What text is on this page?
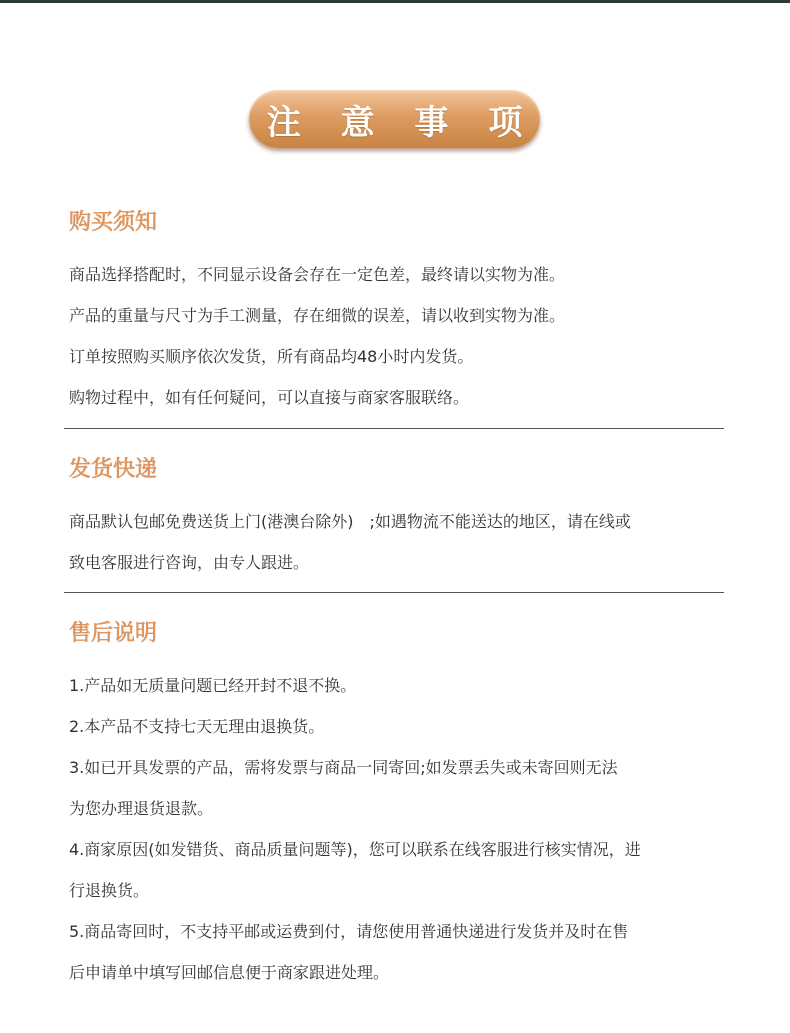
注 意 事 项
购买须知
商品选择搭配时，不同显示设备会存在一定色差，最终请以实物为准。
产品的重量与尺寸为手工测量，存在细微的误差，请以收到实物为准。
订单按照购买顺序依次发货，所有商品均48小时内发货。
购物过程中，如有任何疑问，可以直接与商家客服联络。
发货快递
商品默认包邮免费送货上门(港澳台除外)　;如遇物流不能送达的地区，请在线或
致电客服进行咨询，由专人跟进。
售后说明
1.产品如无质量问题已经开封不退不换。
2.本产品不支持七天无理由退换货。
3.如已开具发票的产品，需将发票与商品一同寄回;如发票丢失或未寄回则无法
为您办理退货退款。
4.商家原因(如发错货、商品质量问题等)，您可以联系在线客服进行核实情况，进
行退换货。
5.商品寄回时，不支持平邮或运费到付，请您使用普通快递进行发货并及时在售
后申请单中填写回邮信息便于商家跟进处理。
